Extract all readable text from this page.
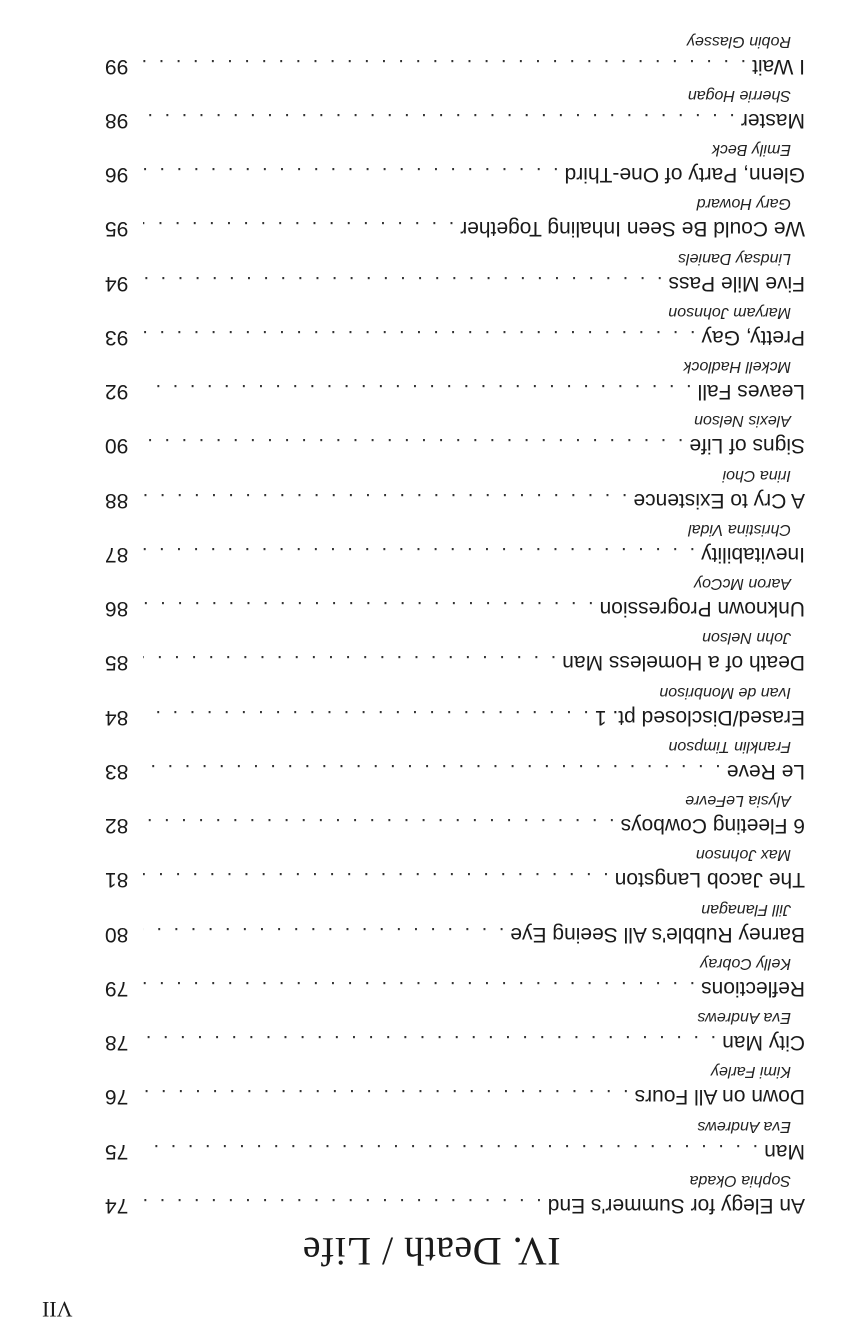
IV. Death / Life
An Elegy for Summer's End
. . .
74
Sophia Okada
Man
. . .
75
Eva Andrews
Down on All Fours
. . .
76
Kimi Farley
City Man
. . .
78
Eva Andrews
Reflections
. . .
79
Kelly Cobray
Barney Rubble's All Seeing Eye
. . .
80
Jill Flanagan
The Jacob Langston
. . .
81
Max Johnson
6 Fleeting Cowboys
. . .
82
Alysia LeFevre
Le Reve
. . .
83
Franklin Timpson
Erased/Disclosed pt. 1
. . .
84
Ivan de Monbrison
Death of a Homeless Man
. . .
85
John Nelson
Unknown Progression
. . .
86
Aaron McCoy
Inevitability
. . .
87
Christina Vidal
A Cry to Existence
. . .
88
Irina Choi
Signs of Life
. . .
90
Alexis Nelson
Leaves Fall
. . .
92
Mckell Hadlock
Pretty, Gay
. . .
93
Maryam Johnson
Five Mile Pass
. . .
94
Lindsay Daniels
We Could Be Seen Inhaling Together
. . .
95
Gary Howard
Glenn, Party of One-Third
. . .
96
Emily Beck
Master
. . .
98
Sherrie Hogan
I Wait
. . .
99
Robin Glassey
VII
